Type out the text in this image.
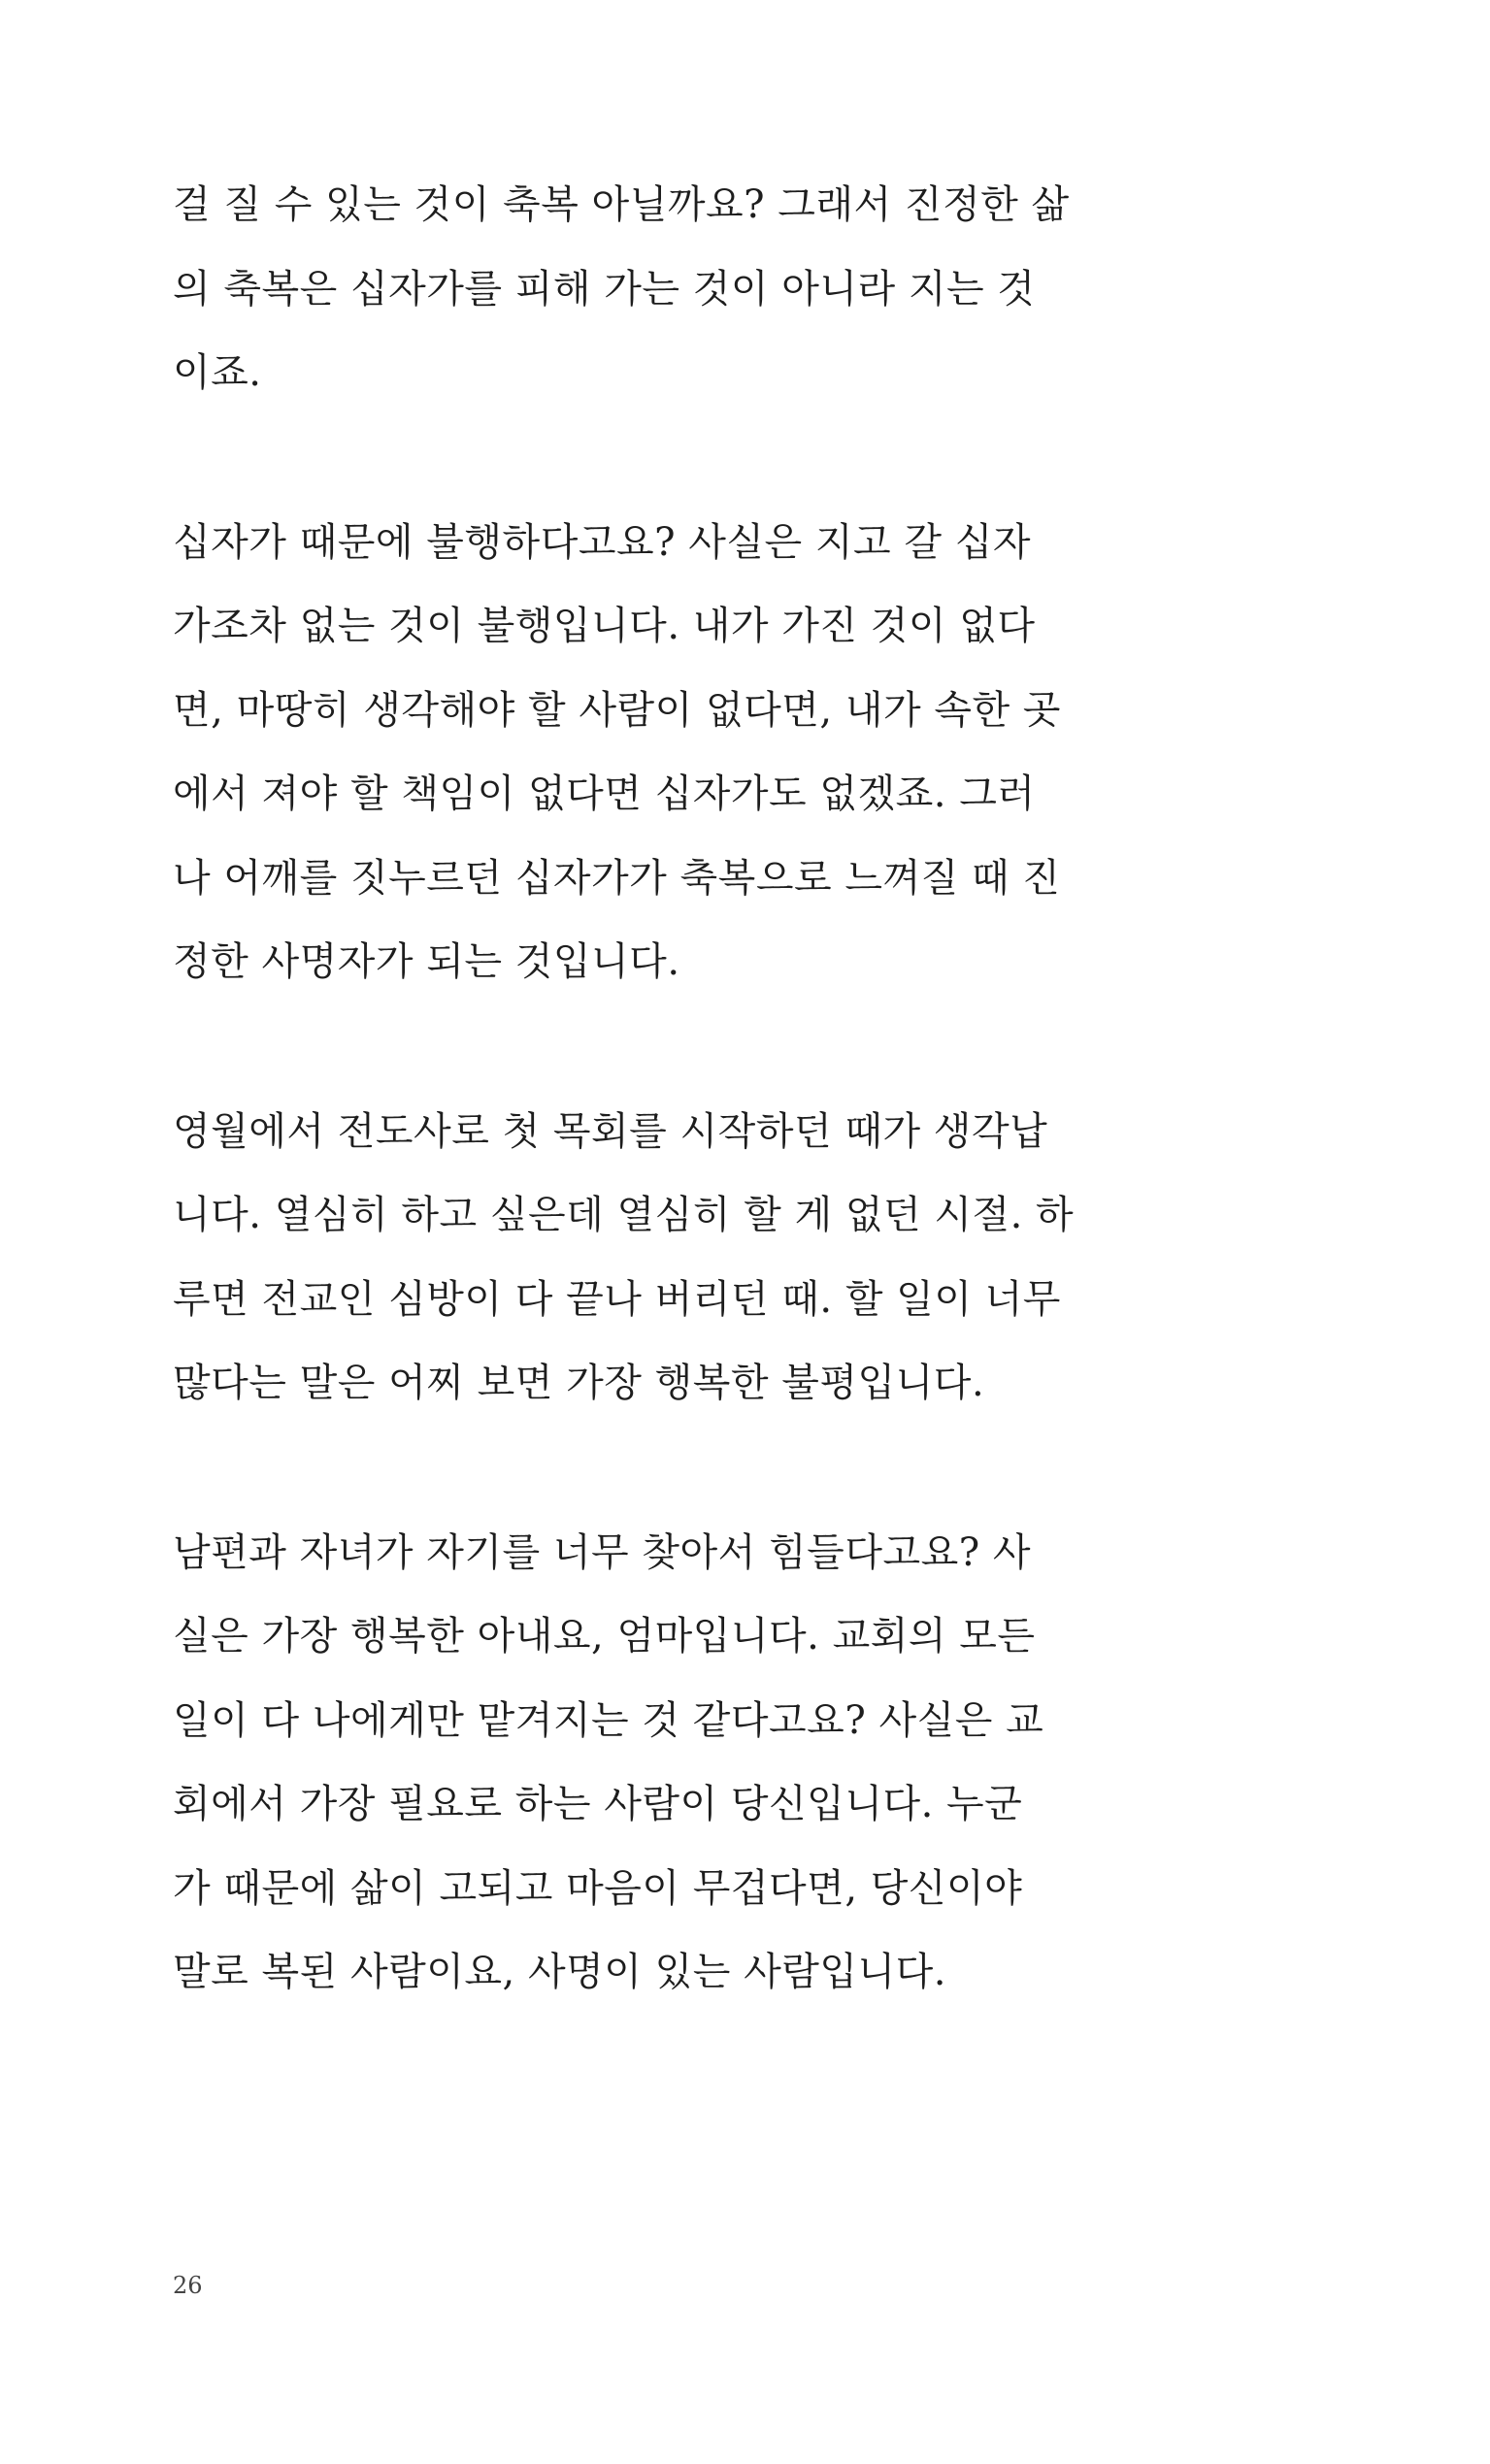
걸 질 수 있는 것이 축복 아닐까요? 그래서 진정한 삶
의 축복은 십자가를 피해 가는 것이 아니라 지는 것
이죠.

십자가 때문에 불행하다고요? 사실은 지고 갈 십자
가조차 없는 것이 불행입니다. 내가 가진 것이 없다
면, 마땅히 생각해야 할 사람이 없다면, 내가 속한 곳
에서 져야 할 책임이 없다면 십자가도 없겠죠. 그러
나 어깨를 짓누르던 십자가가 축복으로 느껴질 때 진
정한 사명자가 되는 것입니다.

영월에서 전도사로 첫 목회를 시작하던 때가 생각납
니다. 열심히 하고 싶은데 열심히 할 게 없던 시절. 하
루면 전교인 심방이 다 끝나 버리던 때. 할 일이 너무
많다는 말은 어찌 보면 가장 행복한 불평입니다.

남편과 자녀가 자기를 너무 찾아서 힘들다고요? 사
실은 가장 행복한 아내요, 엄마입니다. 교회의 모든
일이 다 나에게만 맡겨지는 것 같다고요? 사실은 교
회에서 가장 필요로 하는 사람이 당신입니다. 누군
가 때문에 삶이 고되고 마음이 무겁다면, 당신이야
말로 복된 사람이요, 사명이 있는 사람입니다.

26
